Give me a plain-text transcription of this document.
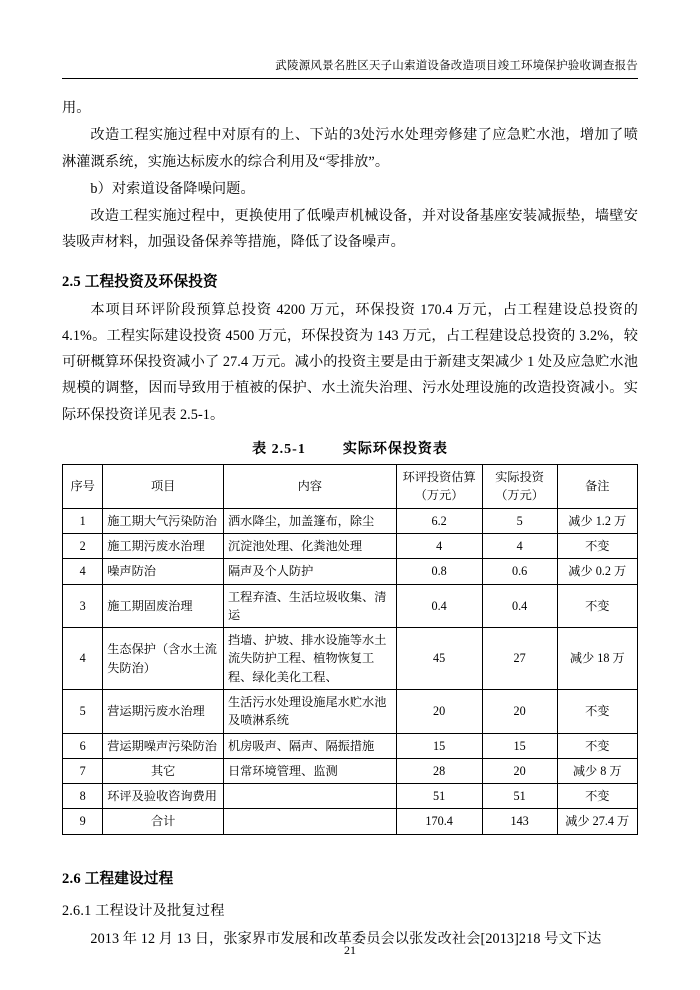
武陵源风景名胜区天子山索道设备改造项目竣工环境保护验收调查报告

用。

改造工程实施过程中对原有的上、下站的3处污水处理旁修建了应急贮水池，增加了喷淋灌溉系统，实施达标废水的综合利用及“零排放”。

b）对索道设备降噪问题。

改造工程实施过程中，更换使用了低噪声机械设备，并对设备基座安装减振垫，墙壁安装吸声材料，加强设备保养等措施，降低了设备噪声。

2.5 工程投资及环保投资

本项目环评阶段预算总投资 4200 万元，环保投资 170.4 万元，占工程建设总投资的 4.1%。工程实际建设投资 4500 万元，环保投资为 143 万元，占工程建设总投资的 3.2%，较可研概算环保投资减小了 27.4 万元。减小的投资主要是由于新建支架减少 1 处及应急贮水池规模的调整，因而导致用于植被的保护、水土流失治理、污水处理设施的改造投资减小。实际环保投资详见表 2.5-1。

表 2.5-1	实际环保投资表
序号	项目	内容	环评投资估算（万元）	实际投资（万元）	备注
1	施工期大气污染防治	洒水降尘，加盖篷布，除尘	6.2	5	减少 1.2 万
2	施工期污废水治理	沉淀池处理、化粪池处理	4	4	不变
4	噪声防治	隔声及个人防护	0.8	0.6	减少 0.2 万
3	施工期固废治理	工程弃渣、生活垃圾收集、清运	0.4	0.4	不变
4	生态保护（含水土流失防治）	挡墙、护坡、排水设施等水土流失防护工程、植物恢复工程、绿化美化工程、	45	27	减少 18 万
5	营运期污废水治理	生活污水处理设施尾水贮水池及喷淋系统	20	20	不变
6	营运期噪声污染防治	机房吸声、隔声、隔振措施	15	15	不变
7	其它	日常环境管理、监测	28	20	减少 8 万
8	环评及验收咨询费用		51	51	不变
9	合计		170.4	143	减少 27.4 万
2.6 工程建设过程
2.6.1 工程设计及批复过程

2013 年 12 月 13 日，张家界市发展和改革委员会以张发改社会[2013]218 号文下达

21
